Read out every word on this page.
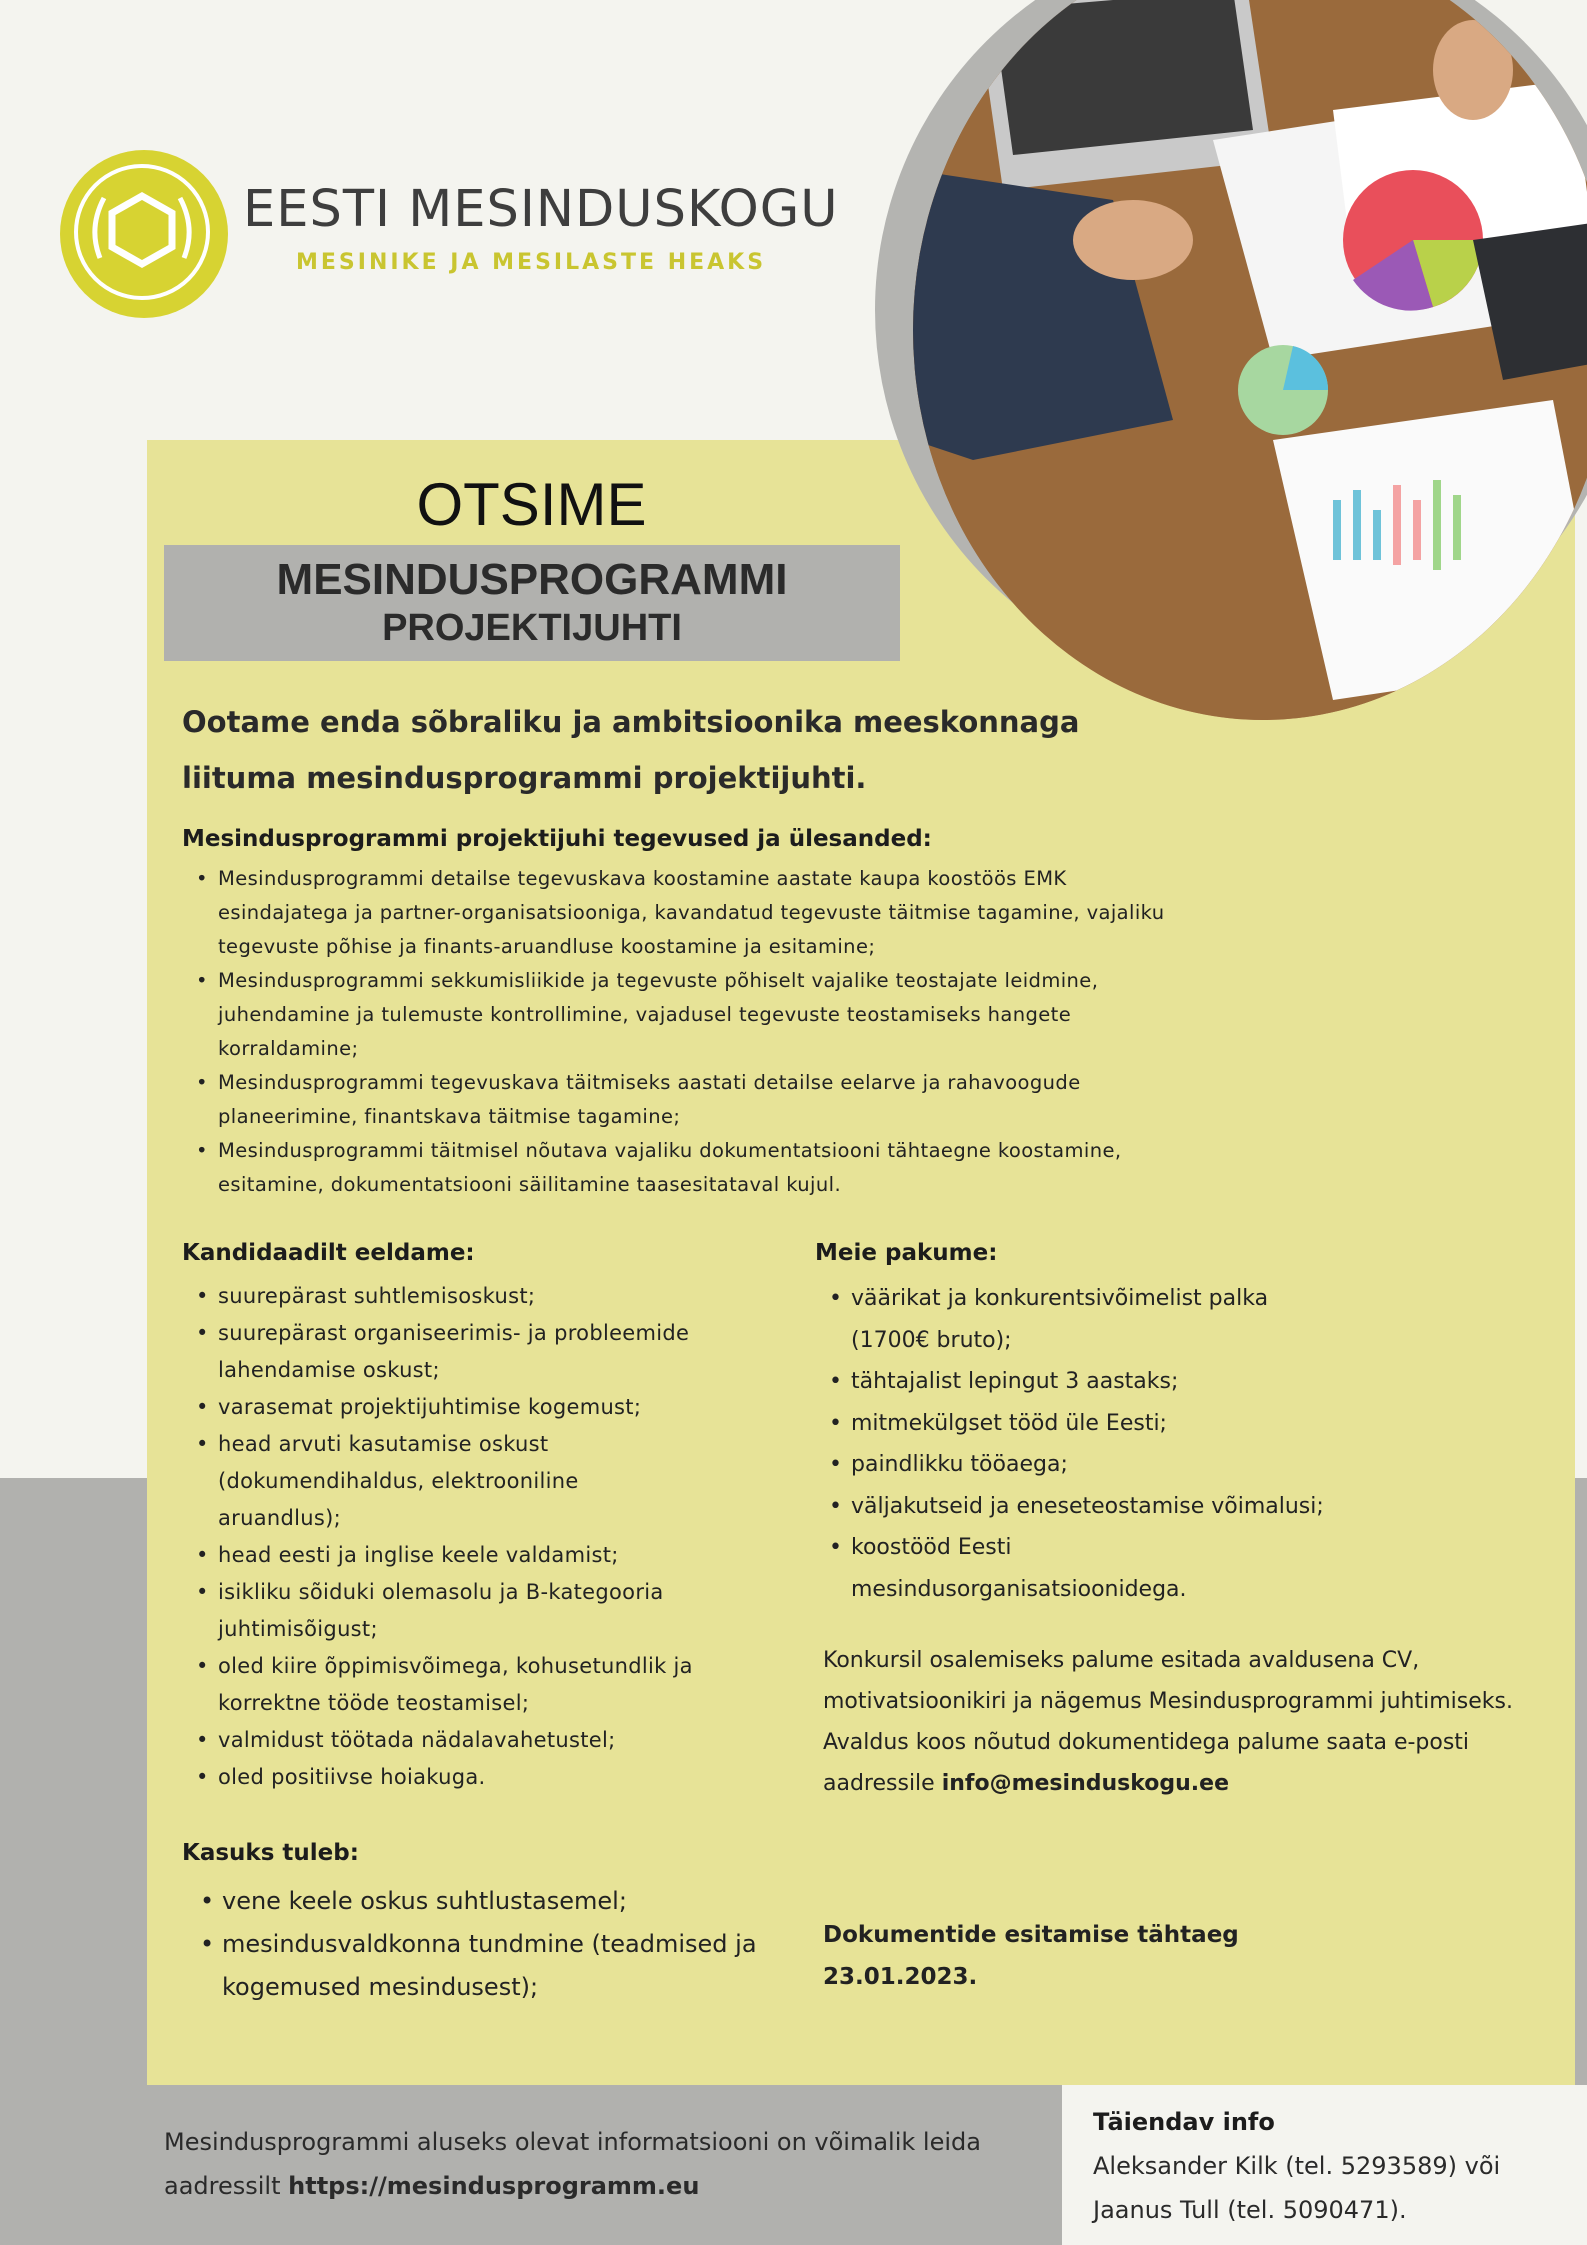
EESTI MESINDUSKOGU
MESINIKE JA MESILASTE HEAKS
OTSIME
MESINDUSPROGRAMMI
PROJEKTIJUHTI
Ootame enda sõbraliku ja ambitsioonika meeskonnaga
liituma mesindusprogrammi projektijuhti.
Mesindusprogrammi projektijuhi tegevused ja ülesanded:
• Mesindusprogrammi detailse tegevuskava koostamine aastate kaupa koostöös EMK esindajatega ja partner-organisatsiooniga, kavandatud tegevuste täitmise tagamine, vajaliku tegevuste põhise ja finants-aruandluse koostamine ja esitamine;
• Mesindusprogrammi sekkumisliikide ja tegevuste põhiselt vajalike teostajate leidmine, juhendamine ja tulemuste kontrollimine, vajadusel tegevuste teostamiseks hangete korraldamine;
• Mesindusprogrammi tegevuskava täitmiseks aastati detailse eelarve ja rahavoogude planeerimine, finantskava täitmise tagamine;
• Mesindusprogrammi täitmisel nõutava vajaliku dokumentatsiooni tähtaegne koostamine, esitamine, dokumentatsiooni säilitamine taasesitataval kujul.
Kandidaadilt eeldame:
• suurepärast suhtlemisoskust;
• suurepärast organiseerimis- ja probleemide lahendamise oskust;
• varasemat projektijuhtimise kogemust;
• head arvuti kasutamise oskust (dokumendihaldus, elektrooniline aruandlus);
• head eesti ja inglise keele valdamist;
• isikliku sõiduki olemasolu ja B-kategooria juhtimisõigust;
• oled kiire õppimisvõimega, kohusetundlik ja korrektne tööde teostamisel;
• valmidust töötada nädalavahetustel;
• oled positiivse hoiakuga.
Kasuks tuleb:
• vene keele oskus suhtlustasemel;
• mesindusvaldkonna tundmine (teadmised ja kogemused mesindusest);
Meie pakume:
• väärikat ja konkurentsivõimelist palka (1700€ bruto);
• tähtajalist lepingut 3 aastaks;
• mitmekülgset tööd üle Eesti;
• paindlikku tööaega;
• väljakutseid ja eneseteostamise võimalusi;
• koostööd Eesti mesindusorganisatsioonidega.
Konkursil osalemiseks palume esitada avaldusena CV, motivatsioonikiri ja nägemus Mesindusprogrammi juhtimiseks.
Avaldus koos nõutud dokumentidega palume saata e-posti aadressile info@mesinduskogu.ee
Dokumentide esitamise tähtaeg
23.01.2023.
Mesindusprogrammi aluseks olevat informatsiooni on võimalik leida aadressilt https://mesindusprogramm.eu
Täiendav info
Aleksander Kilk (tel. 5293589) või
Jaanus Tull (tel. 5090471).
